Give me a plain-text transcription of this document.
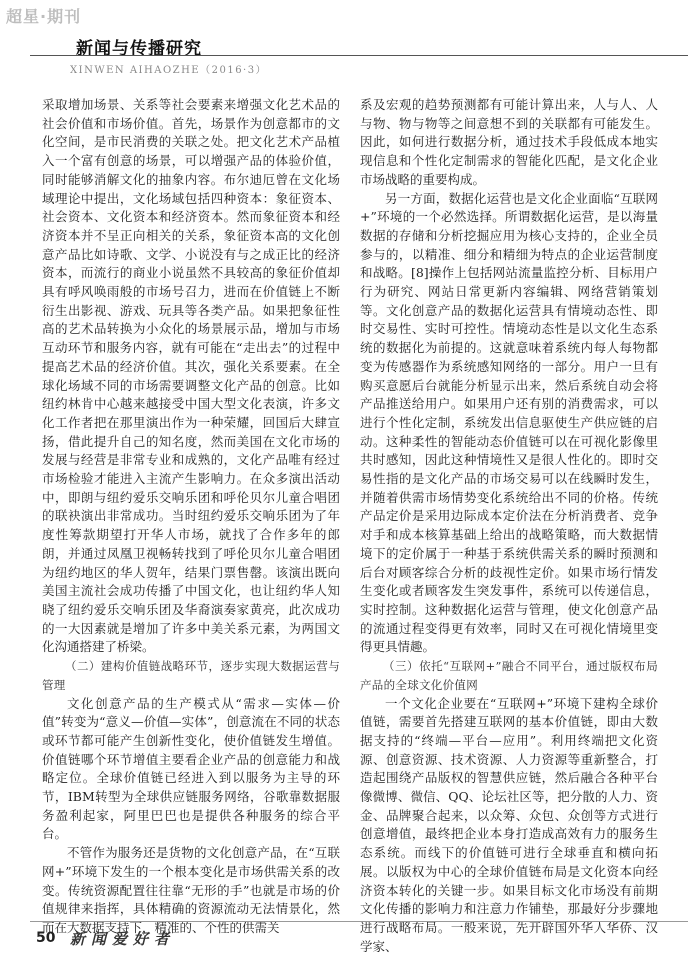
超星·期刊
新闻与传播研究
XINWEN AIHAOZHE（2016·3）

采取增加场景、关系等社会要素来增强文化艺术品的社会价值和市场价值。首先，场景作为创意都市的文化空间，是市民消费的关联之处。把文化艺术产品植入一个富有创意的场景，可以增强产品的体验价值，同时能够消解文化的抽象内容。布尔迪厄曾在文化场域理论中提出，文化场域包括四种资本：象征资本、社会资本、文化资本和经济资本。然而象征资本和经济资本并不呈正向相关的关系，象征资本高的文化创意产品比如诗歌、文学、小说没有与之成正比的经济资本，而流行的商业小说虽然不具较高的象征价值却具有呼风唤雨般的市场号召力，进而在价值链上不断衍生出影视、游戏、玩具等各类产品。如果把象征性高的艺术品转换为小众化的场景展示品，增加与市场互动环节和服务内容，就有可能在“走出去”的过程中提高艺术品的经济价值。其次，强化关系要素。在全球化场域不同的市场需要调整文化产品的创意。比如纽约林肯中心越来越接受中国大型文化表演，许多文化工作者把在那里演出作为一种荣耀，回国后大肆宣扬，借此提升自己的知名度，然而美国在文化市场的发展与经营是非常专业和成熟的，文化产品唯有经过市场检验才能进入主流产生影响力。在众多演出活动中，即朗与纽约爱乐交响乐团和呼伦贝尔儿童合唱团的联袂演出非常成功。当时纽约爱乐交响乐团为了年度性筹款期望打开华人市场，就找了合作多年的郎朗，并通过凤凰卫视畅转找到了呼伦贝尔儿童合唱团为纽约地区的华人贺年，结果门票售罄。该演出既向美国主流社会成功传播了中国文化，也让纽约华人知晓了纽约爱乐交响乐团及华裔演奏家黄亮，此次成功的一大因素就是增加了许多中美关系元素，为两国文化沟通搭建了桥梁。

（二）建构价值链战略环节，逐步实现大数据运营与管理

文化创意产品的生产模式从“需求—实体—价值”转变为“意义—价值—实体”，创意流在不同的状态或环节都可能产生创新性变化，使价值链发生增值。价值链哪个环节增值主要看企业产品的创意能力和战略定位。全球价值链已经进入到以服务为主导的环节，IBM转型为全球供应链服务网络，谷歌靠数据服务盈利起家，阿里巴巴也是提供各种服务的综合平台。

不管作为服务还是货物的文化创意产品，在“互联网+”环境下发生的一个根本变化是市场供需关系的改变。传统资源配置往往靠“无形的手”也就是市场的价值规律来指挥，具体精确的资源流动无法情景化，然而在大数据支持下，精准的、个性的供需关

系及宏观的趋势预测都有可能计算出来，人与人、人与物、物与物等之间意想不到的关联都有可能发生。因此，如何进行数据分析，通过技术手段低成本地实现信息和个性化定制需求的智能化匹配，是文化企业市场战略的重要构成。

另一方面，数据化运营也是文化企业面临“互联网+”环境的一个必然选择。所谓数据化运营，是以海量数据的存储和分析挖掘应用为核心支持的，企业全员参与的，以精准、细分和精细为特点的企业运营制度和战略。[8]操作上包括网站流量监控分析、目标用户行为研究、网站日常更新内容编辑、网络营销策划等。文化创意产品的数据化运营具有情境动态性、即时交易性、实时可控性。情境动态性是以文化生态系统的数据化为前提的。这就意味着系统内每人每物都变为传感器作为系统感知网络的一部分。用户一旦有购买意愿后台就能分析显示出来，然后系统自动会将产品推送给用户。如果用户还有别的消费需求，可以进行个性化定制，系统发出信息驱使生产供应链的启动。这种柔性的智能动态价值链可以在可视化影像里共时感知，因此这种情境性又是很人性化的。即时交易性指的是文化产品的市场交易可以在线瞬时发生，并随着供需市场情势变化系统给出不同的价格。传统产品定价是采用边际成本定价法在分析消费者、竞争对手和成本核算基础上给出的战略策略，而大数据情境下的定价属于一种基于系统供需关系的瞬时预测和后台对顾客综合分析的歧视性定价。如果市场行情发生变化或者顾客发生突发事件，系统可以传递信息，实时控制。这种数据化运营与管理，使文化创意产品的流通过程变得更有效率，同时又在可视化情境里变得更具情趣。

（三）依托“互联网+”融合不同平台，通过版权布局产品的全球文化价值网

一个文化企业要在“互联网+”环境下建构全球价值链，需要首先搭建互联网的基本价值链，即由大数据支持的“终端—平台—应用”。利用终端把文化资源、创意资源、技术资源、人力资源等重新整合，打造起围绕产品版权的智慧供应链，然后融合各种平台像微博、微信、QQ、论坛社区等，把分散的人力、资金、品牌聚合起来，以众筹、众包、众创等方式进行创意增值，最终把企业本身打造成高效有力的服务生态系统。而线下的价值链可进行全球垂直和横向拓展。以版权为中心的全球价值链布局是文化资本向经济资本转化的关键一步。如果目标文化市场没有前期文化传播的影响力和注意力作铺垫，那最好分步骤地进行战略布局。一般来说，先开辟国外华人华侨、汉学家、

50 新闻爱好者
